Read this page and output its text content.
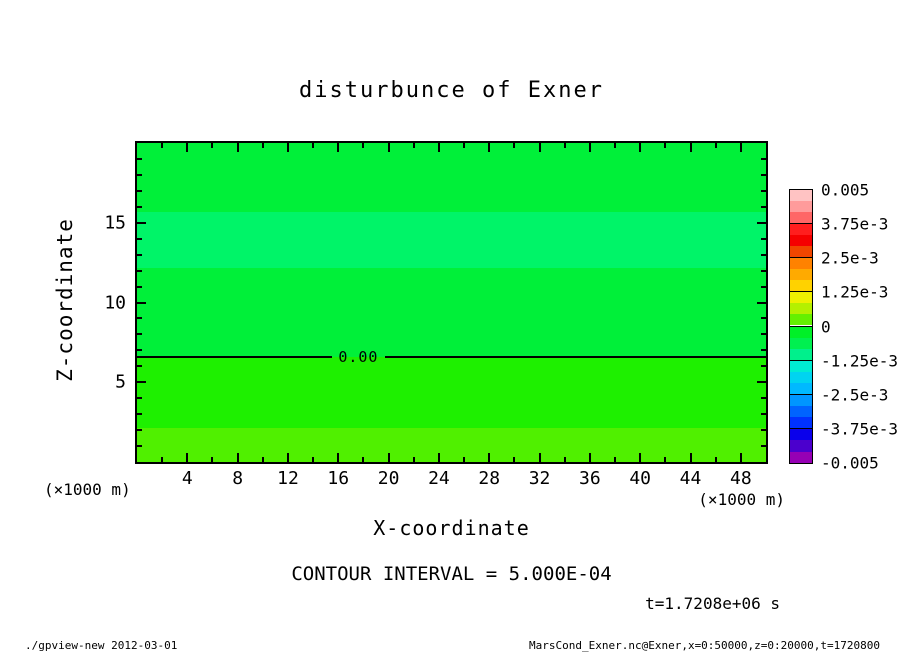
disturbunce of Exner
0.00
Z-coordinate
(×1000 m)
(×1000 m)
X-coordinate
CONTOUR INTERVAL = 5.000E-04
t=1.7208e+06 s
./gpview-new 2012-03-01	MarsCond_Exner.nc@Exner,x=0:50000,z=0:20000,t=1720800
4 8 12 16 20 24 28 32 36 40 44 48
5
10
15
0.005
3.75e-3
2.5e-3
1.25e-3
0
-1.25e-3
-2.5e-3
-3.75e-3
-0.005
